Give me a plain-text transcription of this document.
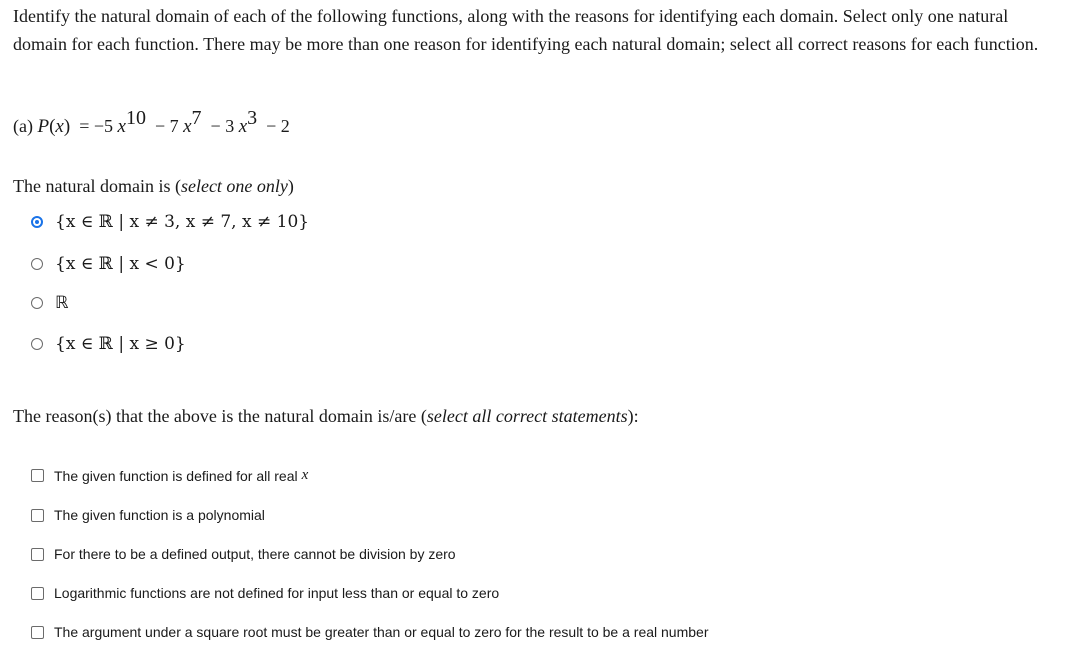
Identify the natural domain of each of the following functions, along with the reasons for identifying each domain. Select only one natural domain for each function. There may be more than one reason for identifying each natural domain; select all correct reasons for each function.
(a) P(x)  = −5 $x^{10} - 7$ $x^7 - 3$ $x^3 - 2$
The natural domain is (select one only)
{x ∈ ℝ | x ≠ 3, x ≠ 7, x ≠ 10}
{x ∈ ℝ | x < 0}
ℝ
{x ∈ ℝ | x ≥ 0}
The reason(s) that the above is the natural domain is/are (select all correct statements):
The given function is defined for all real x
The given function is a polynomial
For there to be a defined output, there cannot be division by zero
Logarithmic functions are not defined for input less than or equal to zero
The argument under a square root must be greater than or equal to zero for the result to be a real number
